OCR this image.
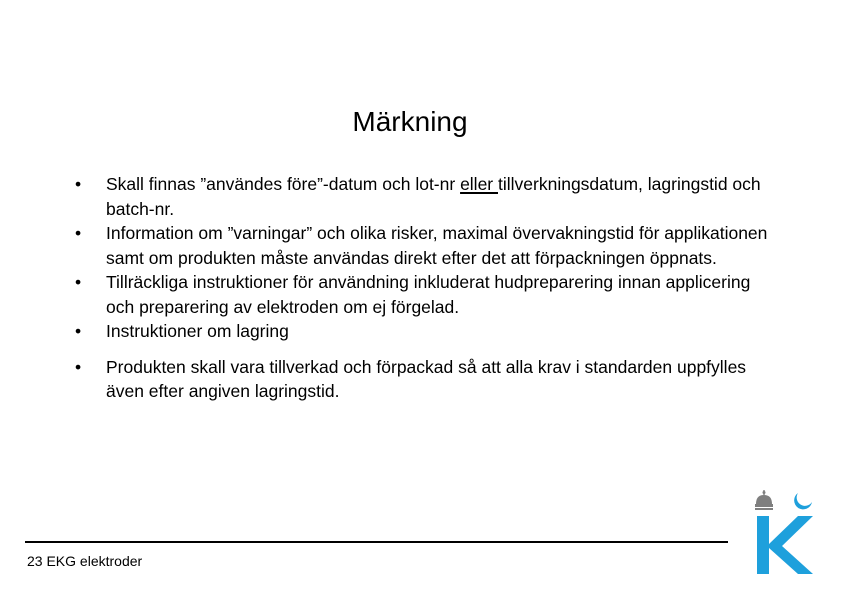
Märkning
•	Skall finnas ”användes före”-datum och lot-nr eller tillverkningsdatum, lagringstid och batch-nr.
•	Information om ”varningar” och olika risker, maximal övervakningstid för applikationen samt om produkten måste användas direkt efter det att förpackningen öppnats.
•	Tillräckliga instruktioner för användning inkluderat hudpreparering innan applicering och preparering av elektroden om ej förgelad.
•	Instruktioner om lagring
•	Produkten skall vara tillverkad och förpackad så att alla krav i standarden uppfylles även efter angiven lagringstid.
23 EKG elektroder
